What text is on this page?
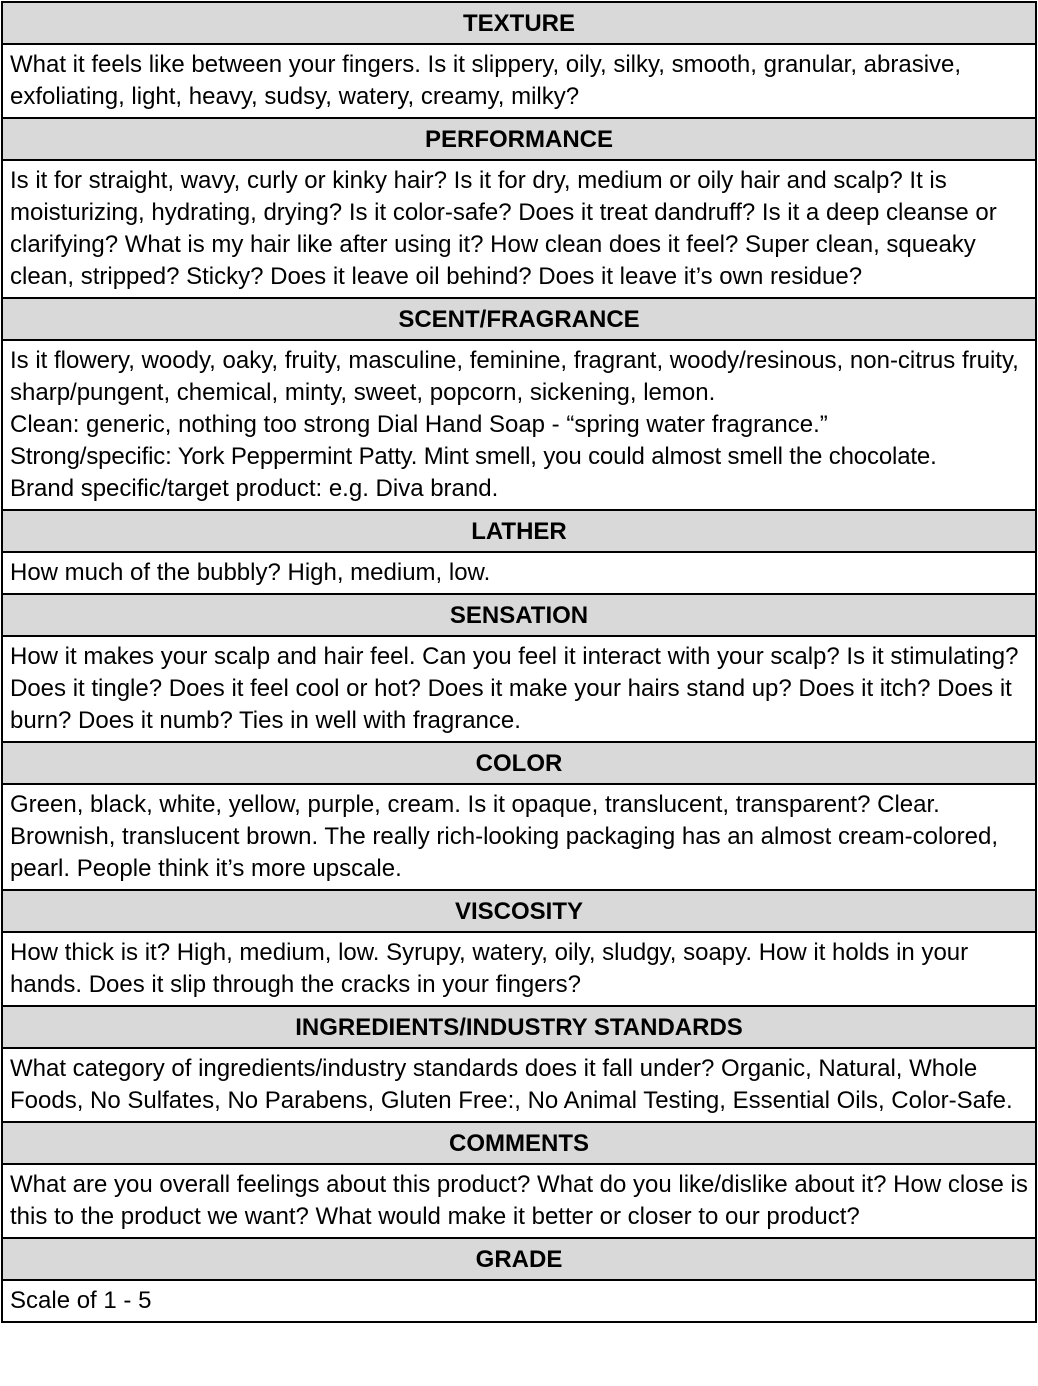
TEXTURE
What it feels like between your fingers. Is it slippery, oily, silky, smooth, granular, abrasive, exfoliating, light, heavy, sudsy, watery, creamy, milky?
PERFORMANCE
Is it for straight, wavy, curly or kinky hair? Is it for dry, medium or oily hair and scalp? It is moisturizing, hydrating, drying? Is it color-safe? Does it treat dandruff? Is it a deep cleanse or clarifying? What is my hair like after using it? How clean does it feel? Super clean, squeaky clean, stripped? Sticky? Does it leave oil behind? Does it leave it’s own residue?
SCENT/FRAGRANCE

Is it flowery, woody, oaky, fruity, masculine, feminine, fragrant, woody/resinous, non-citrus fruity, sharp/pungent, chemical, minty, sweet, popcorn, sickening, lemon.
Clean: generic, nothing too strong Dial Hand Soap - “spring water fragrance.”
Strong/specific: York Peppermint Patty. Mint smell, you could almost smell the chocolate.
Brand specific/target product: e.g. Diva brand.

LATHER
How much of the bubbly? High, medium, low.
SENSATION
How it makes your scalp and hair feel. Can you feel it interact with your scalp? Is it stimulating? Does it tingle? Does it feel cool or hot? Does it make your hairs stand up? Does it itch? Does it burn? Does it numb? Ties in well with fragrance.
COLOR
Green, black, white, yellow, purple, cream. Is it opaque, translucent, transparent? Clear. Brownish, translucent brown. The really rich-looking packaging has an almost cream-colored, pearl. People think it’s more upscale.
VISCOSITY
How thick is it? High, medium, low. Syrupy, watery, oily, sludgy, soapy. How it holds in your hands. Does it slip through the cracks in your fingers?
INGREDIENTS/INDUSTRY STANDARDS
What category of ingredients/industry standards does it fall under? Organic, Natural, Whole Foods, No Sulfates, No Parabens, Gluten Free:, No Animal Testing, Essential Oils, Color-Safe.
COMMENTS
What are you overall feelings about this product? What do you like/dislike about it? How close is this to the product we want? What would make it better or closer to our product?
GRADE
Scale of 1 - 5
